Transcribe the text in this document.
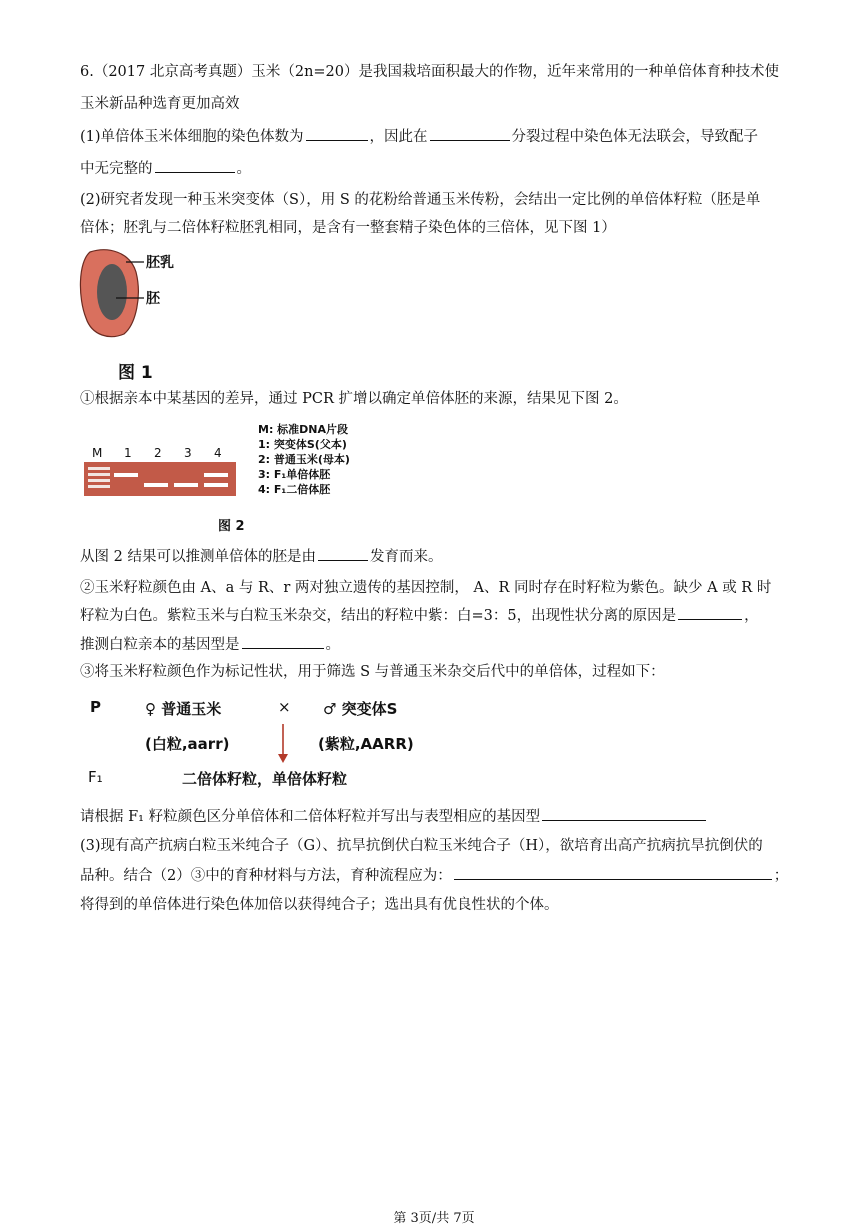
6.（2017 北京高考真题）玉米（2n=20）是我国栽培面积最大的作物，近年来常用的一种单倍体育种技术使
玉米新品种选育更加高效
(1)单倍体玉米体细胞的染色体数为	，因此在	分裂过程中染色体无法联会，导致配子
中无完整的	。
(2)研究者发现一种玉米突变体（S），用 S 的花粉给普通玉米传粉，会结出一定比例的单倍体籽粒（胚是单
倍体；胚乳与二倍体籽粒胚乳相同，是含有一整套精子染色体的三倍体，见下图 1）
胚乳
胚
图 1
①根据亲本中某基因的差异，通过 PCR 扩增以确定单倍体胚的来源，结果见下图 2。
M 1 2 3 4
M: 标准DNA片段
1: 突变体S(父本)
2: 普通玉米(母本)
3: F₁单倍体胚
4: F₁二倍体胚
图 2
从图 2 结果可以推测单倍体的胚是由	发育而来。
②玉米籽粒颜色由 A、a 与 R、r 两对独立遗传的基因控制， A、R 同时存在时籽粒为紫色。缺少 A 或 R 时
籽粒为白色。紫粒玉米与白粒玉米杂交，结出的籽粒中紫：白=3：5，出现性状分离的原因是	，
推测白粒亲本的基因型是	。
③将玉米籽粒颜色作为标记性状，用于筛选 S 与普通玉米杂交后代中的单倍体，过程如下：
P	♀ 普通玉米	× ♂ 突变体S
(白粒,aarr)	(紫粒,AARR)
F₁	二倍体籽粒，单倍体籽粒
请根据 F₁ 籽粒颜色区分单倍体和二倍体籽粒并写出与表型相应的基因型
(3)现有高产抗病白粒玉米纯合子（G）、抗旱抗倒伏白粒玉米纯合子（H），欲培育出高产抗病抗旱抗倒伏的
品种。结合（2）③中的育种材料与方法，育种流程应为：	；
将得到的单倍体进行染色体加倍以获得纯合子；选出具有优良性状的个体。
第 3页/共 7页
